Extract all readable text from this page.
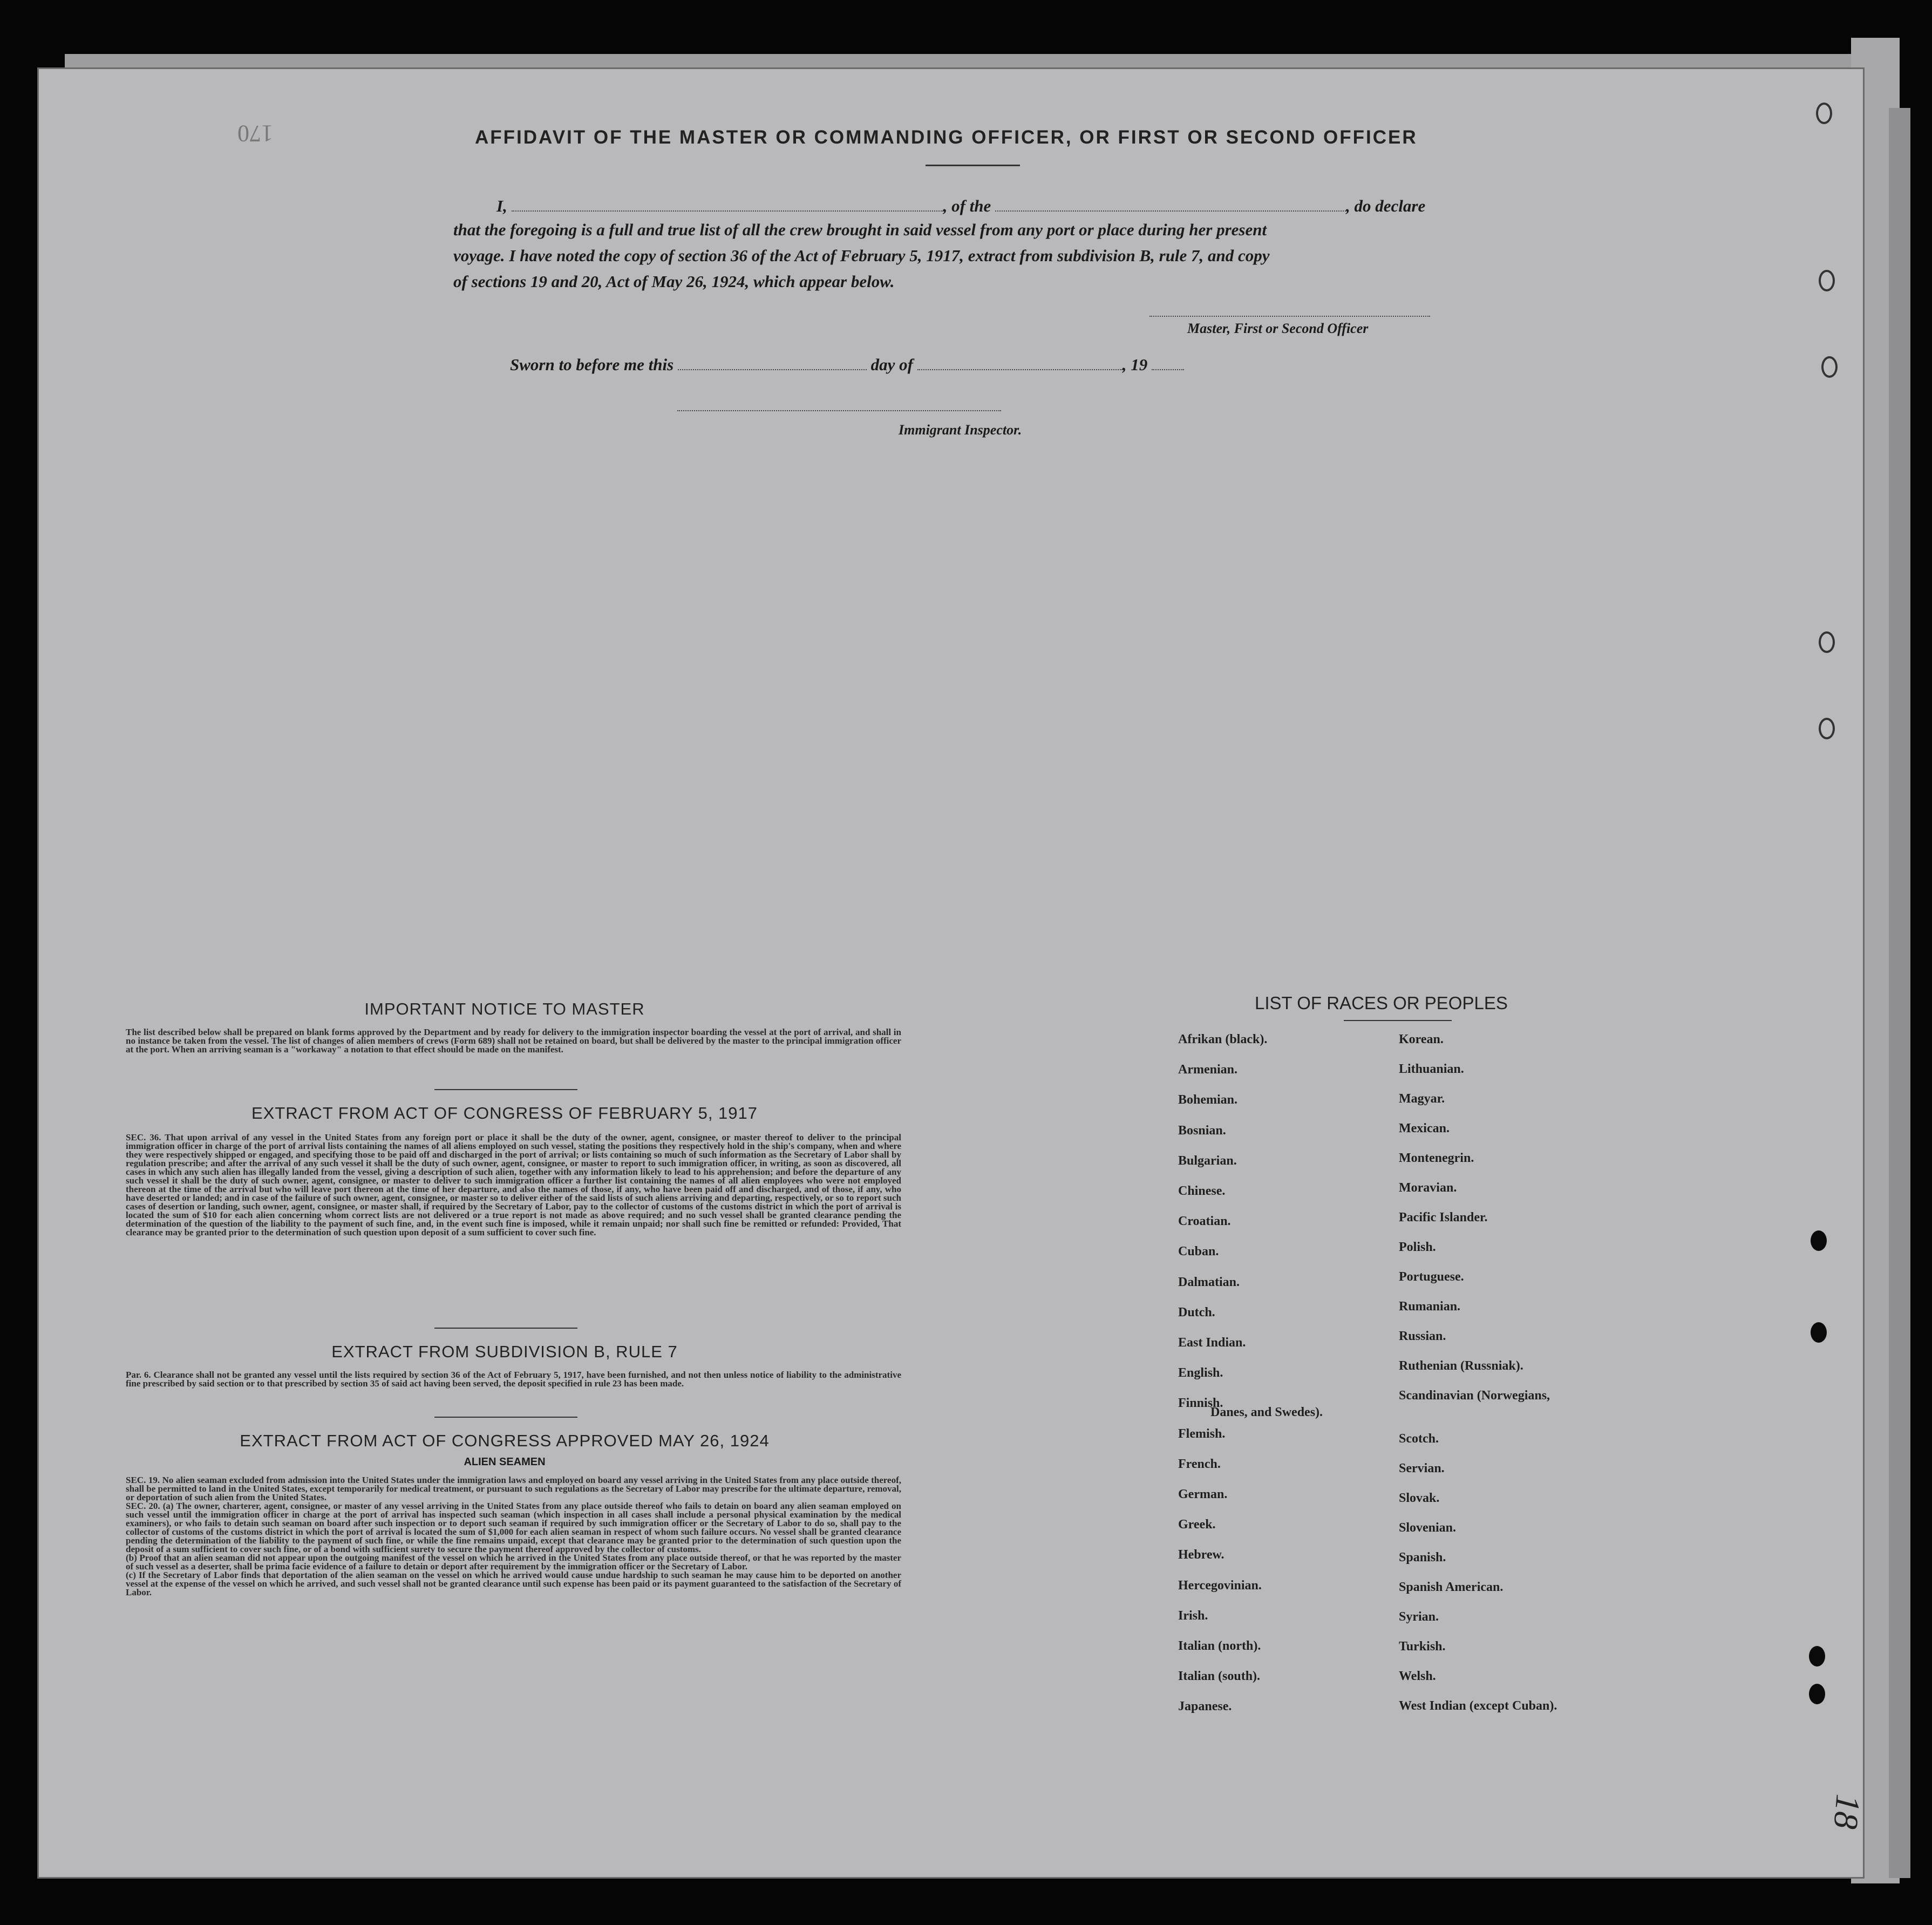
170	AFFIDAVIT OF THE MASTER OR COMMANDING OFFICER, OR FIRST OR SECOND OFFICER
I,	, of the	, do declare
that the foregoing is a full and true list of all the crew brought in said vessel from any port or place during her present
voyage. I have noted the copy of section 36 of the Act of February 5, 1917, extract from subdivision B, rule 7, and copy
of sections 19 and 20, Act of May 26, 1924, which appear below.
Master, First or Second Officer
Sworn to before me this	day of	, 19
Immigrant Inspector.
IMPORTANT NOTICE TO MASTER
The list described below shall be prepared on blank forms approved by the Department and by ready for delivery to the immigration inspector boarding the vessel at the port of arrival, and shall in no instance be taken from the vessel. The list of changes of alien members of crews (Form 689) shall not be retained on board, but shall be delivered by the master to the principal immigration officer at the port. When an arriving seaman is a "workaway" a notation to that effect should be made on the manifest.
EXTRACT FROM ACT OF CONGRESS OF FEBRUARY 5, 1917
SEC. 36. That upon arrival of any vessel in the United States from any foreign port or place it shall be the duty of the owner, agent, consignee, or master thereof to deliver to the principal immigration officer in charge of the port of arrival lists containing the names of all aliens employed on such vessel, stating the positions they respectively hold in the ship's company, when and where they were respectively shipped or engaged, and specifying those to be paid off and discharged in the port of arrival; or lists containing so much of such information as the Secretary of Labor shall by regulation prescribe; and after the arrival of any such vessel it shall be the duty of such owner, agent, consignee, or master to report to such immigration officer, in writing, as soon as discovered, all cases in which any such alien has illegally landed from the vessel, giving a description of such alien, together with any information likely to lead to his apprehension; and before the departure of any such vessel it shall be the duty of such owner, agent, consignee, or master to deliver to such immigration officer a further list containing the names of all alien employees who were not employed thereon at the time of the arrival but who will leave port thereon at the time of her departure, and also the names of those, if any, who have been paid off and discharged, and of those, if any, who have deserted or landed; and in case of the failure of such owner, agent, consignee, or master so to deliver either of the said lists of such aliens arriving and departing, respectively, or so to report such cases of desertion or landing, such owner, agent, consignee, or master shall, if required by the Secretary of Labor, pay to the collector of customs of the customs district in which the port of arrival is located the sum of $10 for each alien concerning whom correct lists are not delivered or a true report is not made as above required; and no such vessel shall be granted clearance pending the determination of the question of the liability to the payment of such fine, and, in the event such fine is imposed, while it remain unpaid; nor shall such fine be remitted or refunded: Provided, That clearance may be granted prior to the determination of such question upon deposit of a sum sufficient to cover such fine.
EXTRACT FROM SUBDIVISION B, RULE 7
Par. 6. Clearance shall not be granted any vessel until the lists required by section 36 of the Act of February 5, 1917, have been furnished, and not then unless notice of liability to the administrative fine prescribed by said section or to that prescribed by section 35 of said act having been served, the deposit specified in rule 23 has been made.
EXTRACT FROM ACT OF CONGRESS APPROVED MAY 26, 1924
ALIEN SEAMEN
SEC. 19. No alien seaman excluded from admission into the United States under the immigration laws and employed on board any vessel arriving in the United States from any place outside thereof, shall be permitted to land in the United States, except temporarily for medical treatment, or pursuant to such regulations as the Secretary of Labor may prescribe for the ultimate departure, removal, or deportation of such alien from the United States.
SEC. 20. (a) The owner, charterer, agent, consignee, or master of any vessel arriving in the United States from any place outside thereof who fails to detain on board any alien seaman employed on such vessel until the immigration officer in charge at the port of arrival has inspected such seaman (which inspection in all cases shall include a personal physical examination by the medical examiners), or who fails to detain such seaman on board after such inspection or to deport such seaman if required by such immigration officer or the Secretary of Labor to do so, shall pay to the collector of customs of the customs district in which the port of arrival is located the sum of $1,000 for each alien seaman in respect of whom such failure occurs. No vessel shall be granted clearance pending the determination of the liability to the payment of such fine, or while the fine remains unpaid, except that clearance may be granted prior to the determination of such question upon the deposit of a sum sufficient to cover such fine, or of a bond with sufficient surety to secure the payment thereof approved by the collector of customs.
(b) Proof that an alien seaman did not appear upon the outgoing manifest of the vessel on which he arrived in the United States from any place outside thereof, or that he was reported by the master of such vessel as a deserter, shall be prima facie evidence of a failure to detain or deport after requirement by the immigration officer or the Secretary of Labor.
(c) If the Secretary of Labor finds that deportation of the alien seaman on the vessel on which he arrived would cause undue hardship to such seaman he may cause him to be deported on another vessel at the expense of the vessel on which he arrived, and such vessel shall not be granted clearance until such expense has been paid or its payment guaranteed to the satisfaction of the Secretary of Labor.
LIST OF RACES OR PEOPLES
Afrikan (black).
Armenian.
Bohemian.
Bosnian.
Bulgarian.
Chinese.
Croatian.
Cuban.
Dalmatian.
Dutch.
East Indian.
English.
Finnish.
Flemish.
French.
German.
Greek.
Hebrew.
Hercegovinian.
Irish.
Italian (north).
Italian (south).
Japanese.
Korean.
Lithuanian.
Magyar.
Mexican.
Montenegrin.
Moravian.
Pacific Islander.
Polish.
Portuguese.
Rumanian.
Russian.
Ruthenian (Russniak).
Scandinavian (Norwegians,
Danes, and Swedes).
Scotch.
Servian.
Slovak.
Slovenian.
Spanish.
Spanish American.
Syrian.
Turkish.
Welsh.
West Indian (except Cuban).
18
